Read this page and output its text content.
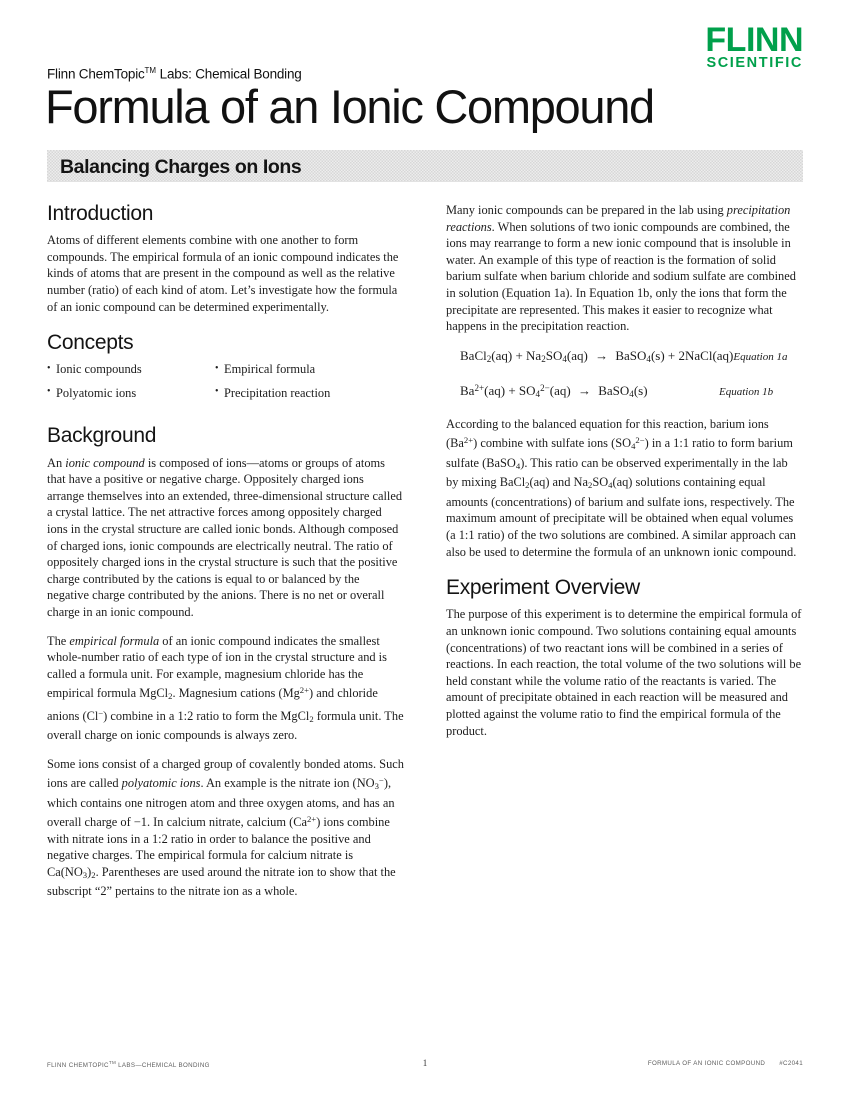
FLINN
SCIENTIFIC
Flinn ChemTopic™ Labs: Chemical Bonding
Formula of an Ionic Compound
Balancing Charges on Ions
Introduction

Atoms of different elements combine with one another to form compounds. The empirical formula of an ionic compound indicates the kinds of atoms that are present in the compound as well as the relative number (ratio) of each kind of atom. Let’s investigate how the formula of an ionic compound can be determined experimentally.

Concepts
• Ionic compounds
• Polyatomic ions
• Empirical formula
• Precipitation reaction
Background

An ionic compound is composed of ions—atoms or groups of atoms that have a positive or negative charge. Oppositely charged ions arrange themselves into an extended, three-dimensional structure called a crystal lattice. The net attractive forces among oppositely charged ions in the crystal structure are called ionic bonds. Although composed of charged ions, ionic compounds are electrically neutral. The ratio of oppositely charged ions in the crystal structure is such that the positive charge contributed by the cations is equal to or balanced by the negative charge contributed by the anions. There is no net or overall charge in an ionic compound.

The empirical formula of an ionic compound indicates the smallest whole-number ratio of each type of ion in the crystal structure and is called a formula unit. For example, magnesium chloride has the empirical formula MgCl$_2$. Magnesium cations $(Mg^{2+})$ and chloride anions (Cl−) combine in a 1:2 ratio to form the MgCl$_2$ formula unit. The overall charge on ionic compounds is always zero.

Some ions consist of a charged group of covalently bonded atoms. Such ions are called polyatomic ions. An example is the nitrate ion $(NO_3^-)$, which contains one nitrogen atom and three oxygen atoms, and has an overall charge of −1. In calcium nitrate, calcium $(Ca^{2+})$ ions combine with nitrate ions in a 1:2 ratio in order to balance the positive and negative charges. The empirical formula for calcium nitrate is $Ca(NO_3)_2$. Parentheses are used around the nitrate ion to show that the subscript “2” pertains to the nitrate ion as a whole.

Many ionic compounds can be prepared in the lab using precipitation reactions. When solutions of two ionic compounds are combined, the ions may rearrange to form a new ionic compound that is insoluble in water. An example of this type of reaction is the formation of solid barium sulfate when barium chloride and sodium sulfate are combined in solution (Equation 1a). In Equation 1b, only the ions that form the precipitate are represented. This makes it easier to recognize what happens in the precipitation reaction.

BaCl$_2$(aq) + $Na_2SO_4(aq)$ → BaSO$_4$(s) + 2NaCl(aq) Equation 1a
$Ba^{2+}(aq) + SO_4^{2-}(aq)$ → BaSO$_4$(s)	Equation 1b

According to the balanced equation for this reaction, barium ions $(Ba^{2+})$ combine with sulfate ions $(SO_4^{2-})$ in a 1:1 ratio to form barium sulfate (BaSO$_4$). This ratio can be observed experimentally in the lab by mixing BaCl$_2$(aq) and $Na_2SO_4(aq)$ solutions containing equal amounts (concentrations) of barium and sulfate ions, respectively. The maximum amount of precipitate will be obtained when equal volumes (a 1:1 ratio) of the two solutions are combined. A similar approach can also be used to determine the formula of an unknown ionic compound.

Experiment Overview

The purpose of this experiment is to determine the empirical formula of an unknown ionic compound. Two solutions containing equal amounts (concentrations) of two reactant ions will be combined in a series of reactions. In each reaction, the total volume of the two solutions will be held constant while the volume ratio of the reactants is varied. The amount of precipitate obtained in each reaction will be measured and plotted against the volume ratio to find the empirical formula of the product.

FLINN CHEMTOPIC™ LABS—CHEMICAL BONDING	1	FORMULA OF AN IONIC COMPOUND #C2041
